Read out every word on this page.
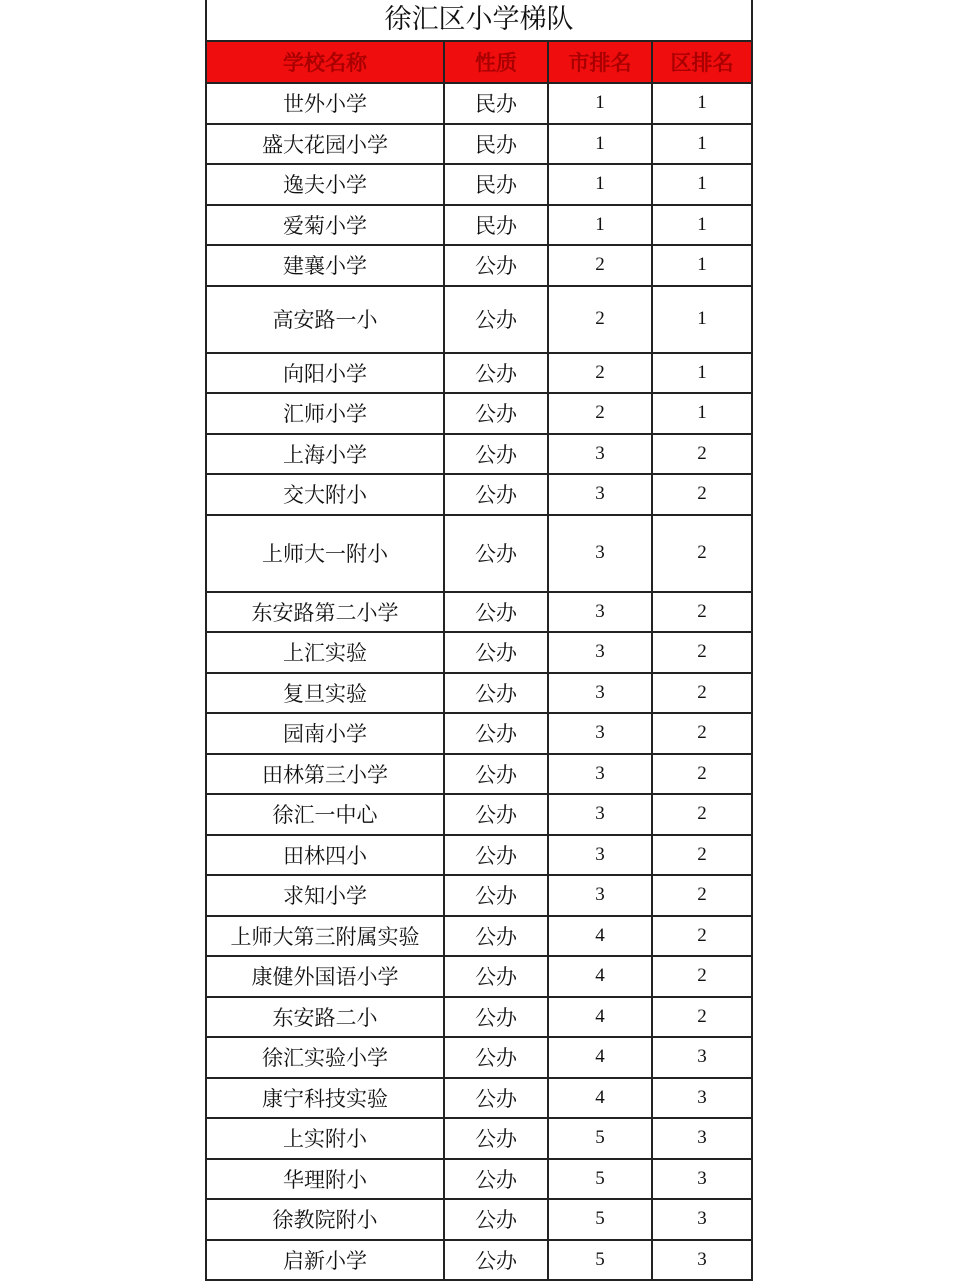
徐汇区小学梯队
学校名称	性质	市排名	区排名
世外小学	民办	1	1
盛大花园小学	民办	1	1
逸夫小学	民办	1	1
爱菊小学	民办	1	1
建襄小学	公办	2	1
高安路一小	公办	2	1
向阳小学	公办	2	1
汇师小学	公办	2	1
上海小学	公办	3	2
交大附小	公办	3	2
上师大一附小	公办	3	2
东安路第二小学	公办	3	2
上汇实验	公办	3	2
复旦实验	公办	3	2
园南小学	公办	3	2
田林第三小学	公办	3	2
徐汇一中心	公办	3	2
田林四小	公办	3	2
求知小学	公办	3	2
上师大第三附属实验	公办	4	2
康健外国语小学	公办	4	2
东安路二小	公办	4	2
徐汇实验小学	公办	4	3
康宁科技实验	公办	4	3
上实附小	公办	5	3
华理附小	公办	5	3
徐教院附小	公办	5	3
启新小学	公办	5	3
